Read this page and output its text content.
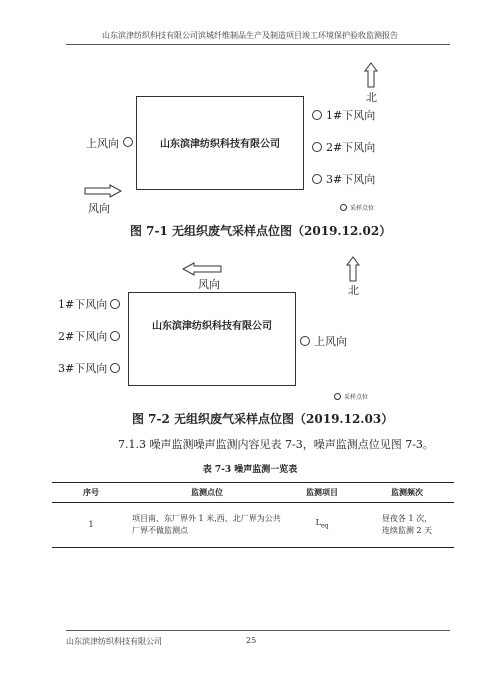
山东滨津纺织科技有限公司滨城纤维制品生产及制造项目竣工环境保护验收监测报告
北
山东滨津纺织科技有限公司
上风向
1#下风向
2#下风向
3#下风向
风向	采样点位
图 7-1 无组织废气采样点位图（2019.12.02）
风向	北
1#下风向
2#下风向
3#下风向
山东滨津纺织科技有限公司
上风向
采样点位
图 7-2 无组织废气采样点位图（2019.12.03）
7.1.3 噪声监测噪声监测内容见表 7-3，噪声监测点位见图 7-3。
表 7-3 噪声监测一览表
序号	监测点位	监测项目	监测频次
1	项目南、东厂界外 1 米,西、北厂界为公共厂界不做监测点	$L_{eq}$	昼夜各 1 次，
连续监测 2 天
山东滨津纺织科技有限公司	25
